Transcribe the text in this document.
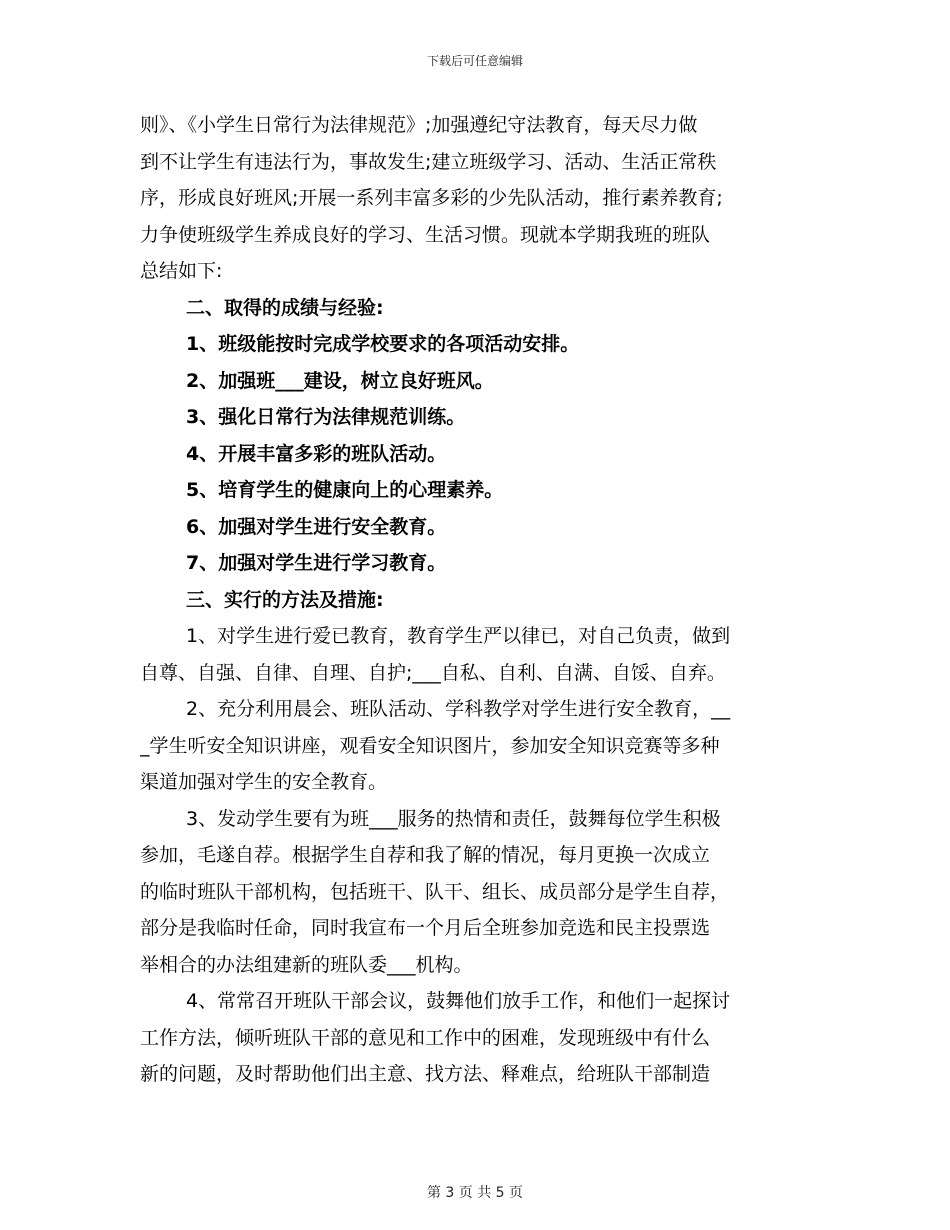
下载后可任意编辑
则》、《小学生日常行为法律规范》;加强遵纪守法教育，每天尽力做
到不让学生有违法行为，事故发生;建立班级学习、活动、生活正常秩
序，形成良好班风;开展一系列丰富多彩的少先队活动，推行素养教育;
力争使班级学生养成良好的学习、生活习惯。现就本学期我班的班队
总结如下:
二、取得的成绩与经验:
1、班级能按时完成学校要求的各项活动安排。
2、加强班___建设，树立良好班风。
3、强化日常行为法律规范训练。
4、开展丰富多彩的班队活动。
5、培育学生的健康向上的心理素养。
6、加强对学生进行安全教育。
7、加强对学生进行学习教育。
三、实行的方法及措施:
1、对学生进行爱已教育，教育学生严以律已，对自己负责，做到
自尊、自强、自律、自理、自护;___自私、自利、自满、自馁、自弃。
2、充分利用晨会、班队活动、学科教学对学生进行安全教育，__
_学生听安全知识讲座，观看安全知识图片，参加安全知识竞赛等多种
渠道加强对学生的安全教育。
3、发动学生要有为班___服务的热情和责任，鼓舞每位学生积极
参加，毛遂自荐。根据学生自荐和我了解的情况，每月更换一次成立
的临时班队干部机构，包括班干、队干、组长、成员部分是学生自荐，
部分是我临时任命，同时我宣布一个月后全班参加竞选和民主投票选
举相合的办法组建新的班队委___机构。
4、常常召开班队干部会议，鼓舞他们放手工作，和他们一起探讨
工作方法，倾听班队干部的意见和工作中的困难，发现班级中有什么
新的问题，及时帮助他们出主意、找方法、释难点，给班队干部制造
第 3 页 共 5 页
